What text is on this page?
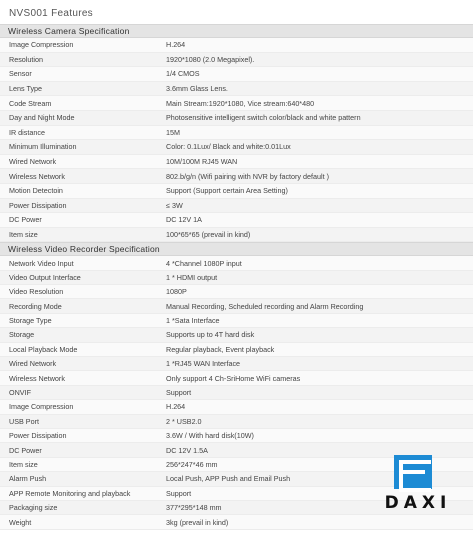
NVS001 Features
Wireless Camera Specification
Image Compression	H.264
Resolution	1920*1080 (2.0 Megapixel).
Sensor	1/4 CMOS
Lens Type	3.6mm Glass Lens.
Code Stream	Main Stream:1920*1080, Vice stream:640*480
Day and Night Mode	Photosensitive intelligent switch color/black and white pattern
IR distance	15M
Minimum Illumination	Color: 0.1Lux/ Black and white:0.01Lux
Wired Network	10M/100M RJ45 WAN
Wireless Network	802.b/g/n (Wifi pairing with NVR by factory default )
Motion Detectoin	Support (Support certain Area Setting)
Power Dissipation	≤ 3W
DC Power	DC 12V 1A
Item size	100*65*65 (prevail in kind)
Wireless Video Recorder Specification
Network Video Input	4 *Channel 1080P input
Video Output Interface	1 * HDMI output
Video Resolution	1080P
Recording Mode	Manual Recording, Scheduled recording and Alarm Recording
Storage Type	1 *Sata Interface
Storage	Supports up to 4T hard disk
Local Playback Mode	Regular playback, Event playback
Wired Network	1 *RJ45 WAN Interface
Wireless Network	Only support 4 Ch-SriHome WiFi cameras
ONVIF	Support
Image Compression	H.264
USB Port	2 * USB2.0
Power Dissipation	3.6W / With hard disk(10W)
DC Power	DC 12V 1.5A
Item size	256*247*46 mm
Alarm Push	Local Push, APP Push and Email Push
APP Remote Monitoring and playback	Support
Packaging size	377*295*148 mm
Weight	3kg (prevail in kind)
DAXI
